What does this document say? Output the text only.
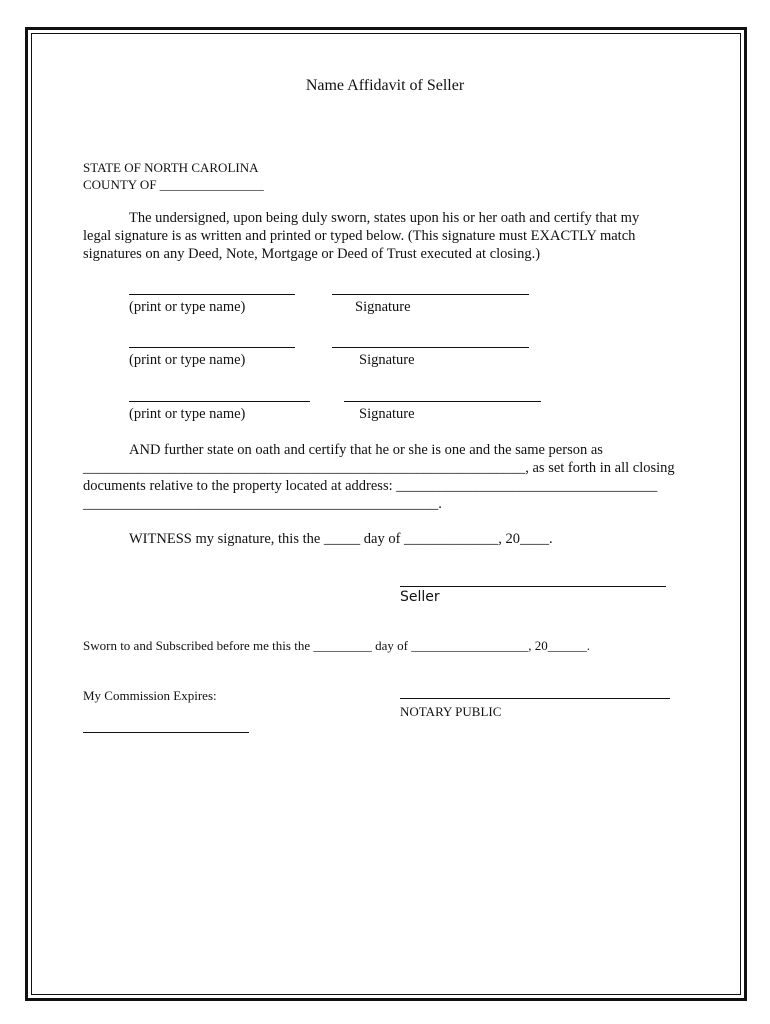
Name Affidavit of Seller
STATE OF NORTH CAROLINA
COUNTY OF ________________
The undersigned, upon being duly sworn, states upon his or her oath and certify that my
legal signature is as written and printed or typed below. (This signature must EXACTLY match
signatures on any Deed, Note, Mortgage or Deed of Trust executed at closing.)
(print or type name)	Signature
(print or type name)	Signature
(print or type name)	Signature
AND further state on oath and certify that he or she is one and the same person as
_____________________________________________________________, as set forth in all closing
documents relative to the property located at address: ____________________________________
_________________________________________________.
WITNESS my signature, this the _____ day of _____________, 20____.
Seller
Sworn to and Subscribed before me this the _________ day of __________________, 20______.
My Commission Expires:
NOTARY PUBLIC
